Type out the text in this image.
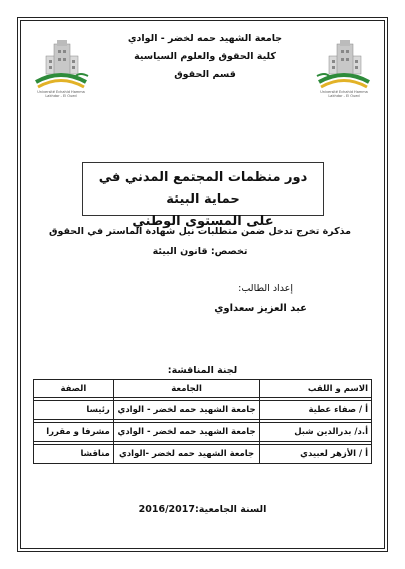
Université Echahid Hamma Lakhdar - El Oued
Université Echahid Hamma Lakhdar - El Oued
جامعة الشهيد حمه لخضر - الوادي
كلية الحقوق والعلوم السياسية
قسم الحقوق
دور منظمات المجتمع المدني في حماية البيئة
على المستوى الوطني
مذكرة تخرج تدخل ضمن متطلبات نيل شهادة الماستر في الحقوق
تخصص: قانون البيئة
إعداد الطالب:
عبد العزيز سعداوي
لجنة المناقشة:
الاسم و اللقب	الجامعة	الصفة

أ / صفاء عطية	جامعة الشهيد حمه لخضر - الوادي	رئيسا

أ.د/ بدرالدين شبل	جامعة الشهيد حمه لخضر - الوادي	مشرفا و مقررا

أ / الأزهر لعبيدي	جامعة الشهيد حمه لخضر -الوادي	مناقشا
السنة الجامعية:2016/2017
